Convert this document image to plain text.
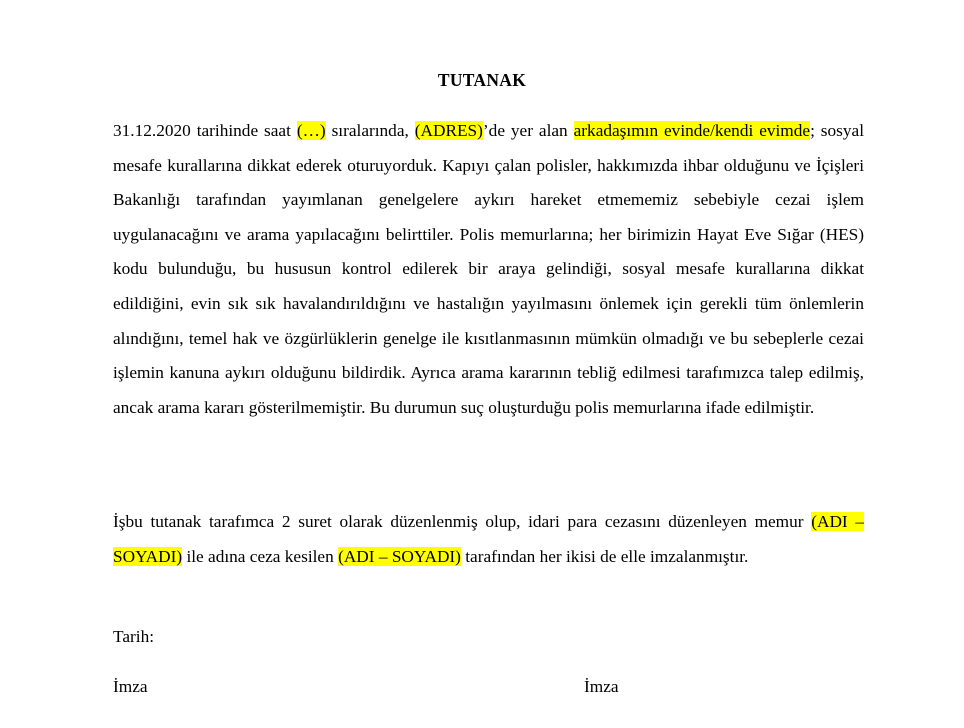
TUTANAK
31.12.2020 tarihinde saat (…) sıralarında, (ADRES)’de yer alan arkadaşımın evinde/kendi evimde; sosyal mesafe kurallarına dikkat ederek oturuyorduk. Kapıyı çalan polisler, hakkımızda ihbar olduğunu ve İçişleri Bakanlığı tarafından yayımlanan genelgelere aykırı hareket etmememiz sebebiyle cezai işlem uygulanacağını ve arama yapılacağını belirttiler. Polis memurlarına; her birimizin Hayat Eve Sığar (HES) kodu bulunduğu, bu hususun kontrol edilerek bir araya gelindiği, sosyal mesafe kurallarına dikkat edildiğini, evin sık sık havalandırıldığını ve hastalığın yayılmasını önlemek için gerekli tüm önlemlerin alındığını, temel hak ve özgürlüklerin genelge ile kısıtlanmasının mümkün olmadığı ve bu sebeplerle cezai işlemin kanuna aykırı olduğunu bildirdik. Ayrıca arama kararının tebliğ edilmesi tarafımızca talep edilmiş, ancak arama kararı gösterilmemiştir. Bu durumun suç oluşturduğu polis memurlarına ifade edilmiştir.
İşbu tutanak tarafımca 2 suret olarak düzenlenmiş olup, idari para cezasını düzenleyen memur (ADI – SOYADI) ile adına ceza kesilen (ADI – SOYADI) tarafından her ikisi de elle imzalanmıştır.
Tarih:
İmza	İmza
